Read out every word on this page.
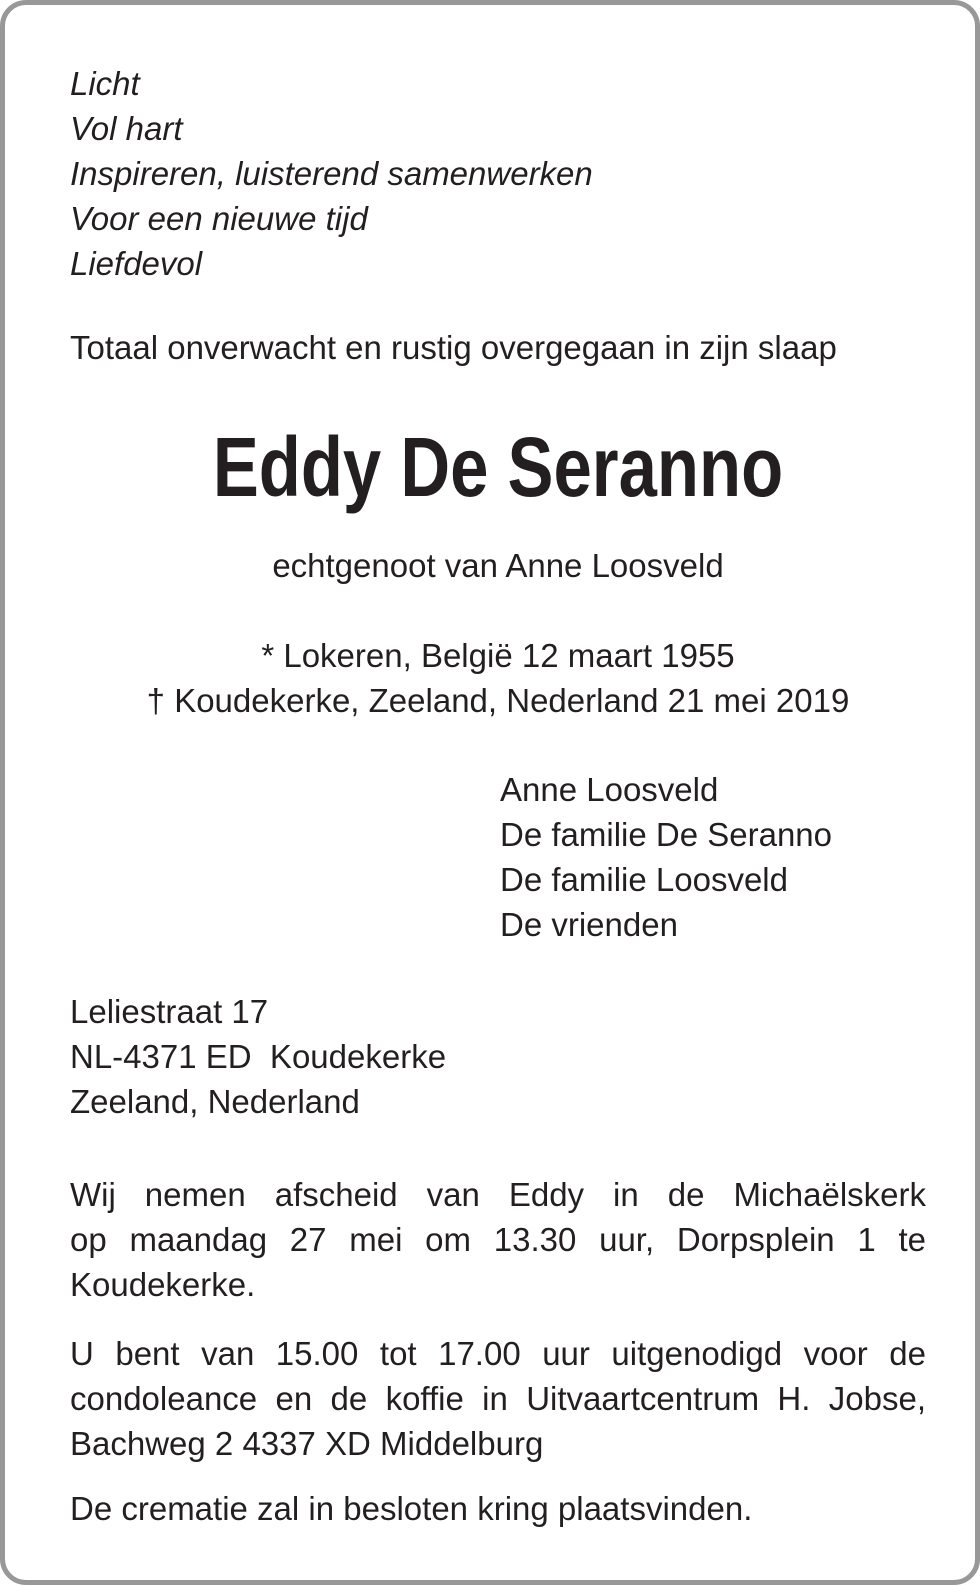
Licht
Vol hart
Inspireren, luisterend samenwerken
Voor een nieuwe tijd
Liefdevol
Totaal onverwacht en rustig overgegaan in zijn slaap
Eddy De Seranno
echtgenoot van Anne Loosveld
* Lokeren, België 12 maart 1955
† Koudekerke, Zeeland, Nederland 21 mei 2019
Anne Loosveld
De familie De Seranno
De familie Loosveld
De vrienden
Leliestraat 17
NL-4371 ED  Koudekerke
Zeeland, Nederland
Wij nemen afscheid van Eddy in de Michaëlskerk
op maandag 27 mei om 13.30 uur, Dorpsplein 1 te
Koudekerke.
U bent van 15.00 tot 17.00 uur uitgenodigd voor de
condoleance en de koffie in Uitvaartcentrum H. Jobse,
Bachweg 2 4337 XD Middelburg
De crematie zal in besloten kring plaatsvinden.
